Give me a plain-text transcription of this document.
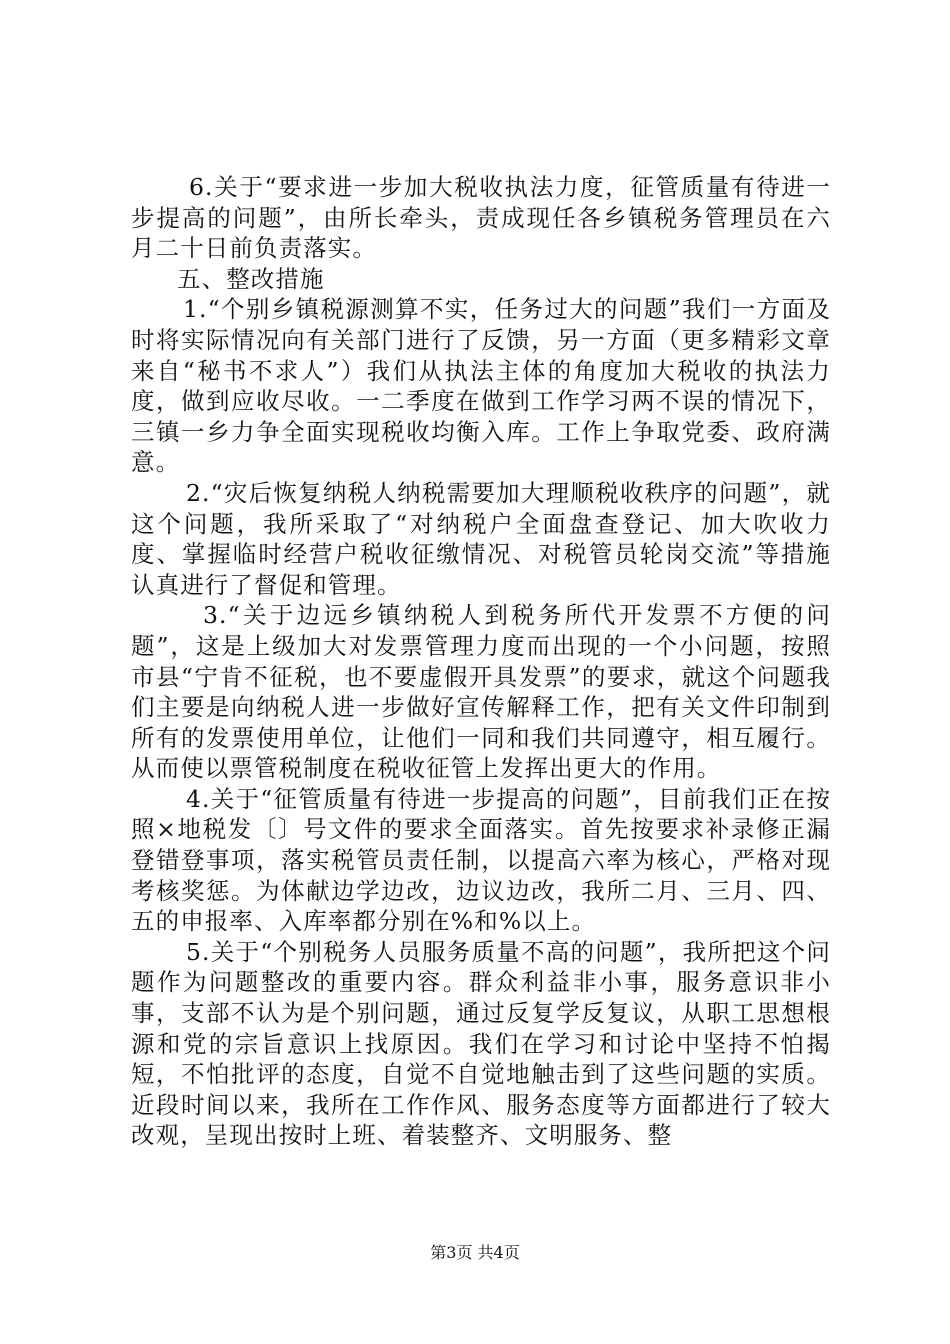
6.关于“要求进一步加大税收执法力度，征管质量有待进一步提高的问题”，由所长牵头，责成现任各乡镇税务管理员在六月二十日前负责落实。

五、整改措施

1.“个别乡镇税源测算不实，任务过大的问题”我们一方面及时将实际情况向有关部门进行了反馈，另一方面（更多精彩文章来自“秘书不求人”）我们从执法主体的角度加大税收的执法力度，做到应收尽收。一二季度在做到工作学习两不误的情况下，三镇一乡力争全面实现税收均衡入库。工作上争取党委、政府满意。

2.“灾后恢复纳税人纳税需要加大理顺税收秩序的问题”，就这个问题，我所采取了“对纳税户全面盘查登记、加大吹收力度、掌握临时经营户税收征缴情况、对税管员轮岗交流”等措施认真进行了督促和管理。

3.“关于边远乡镇纳税人到税务所代开发票不方便的问题”，这是上级加大对发票管理力度而出现的一个小问题，按照市县“宁肯不征税，也不要虚假开具发票”的要求，就这个问题我们主要是向纳税人进一步做好宣传解释工作，把有关文件印制到所有的发票使用单位，让他们一同和我们共同遵守，相互履行。从而使以票管税制度在税收征管上发挥出更大的作用。

4.关于“征管质量有待进一步提高的问题”，目前我们正在按照×地税发〔〕号文件的要求全面落实。首先按要求补录修正漏登错登事项，落实税管员责任制，以提高六率为核心，严格对现考核奖惩。为体献边学边改，边议边改，我所二月、三月、四、五的申报率、入库率都分别在%和%以上。

5.关于“个别税务人员服务质量不高的问题”，我所把这个问题作为问题整改的重要内容。群众利益非小事，服务意识非小事，支部不认为是个别问题，通过反复学反复议，从职工思想根源和党的宗旨意识上找原因。我们在学习和讨论中坚持不怕揭短，不怕批评的态度，自觉不自觉地触击到了这些问题的实质。近段时间以来，我所在工作作风、服务态度等方面都进行了较大改观，呈现出按时上班、着装整齐、文明服务、整

第3页 共4页
